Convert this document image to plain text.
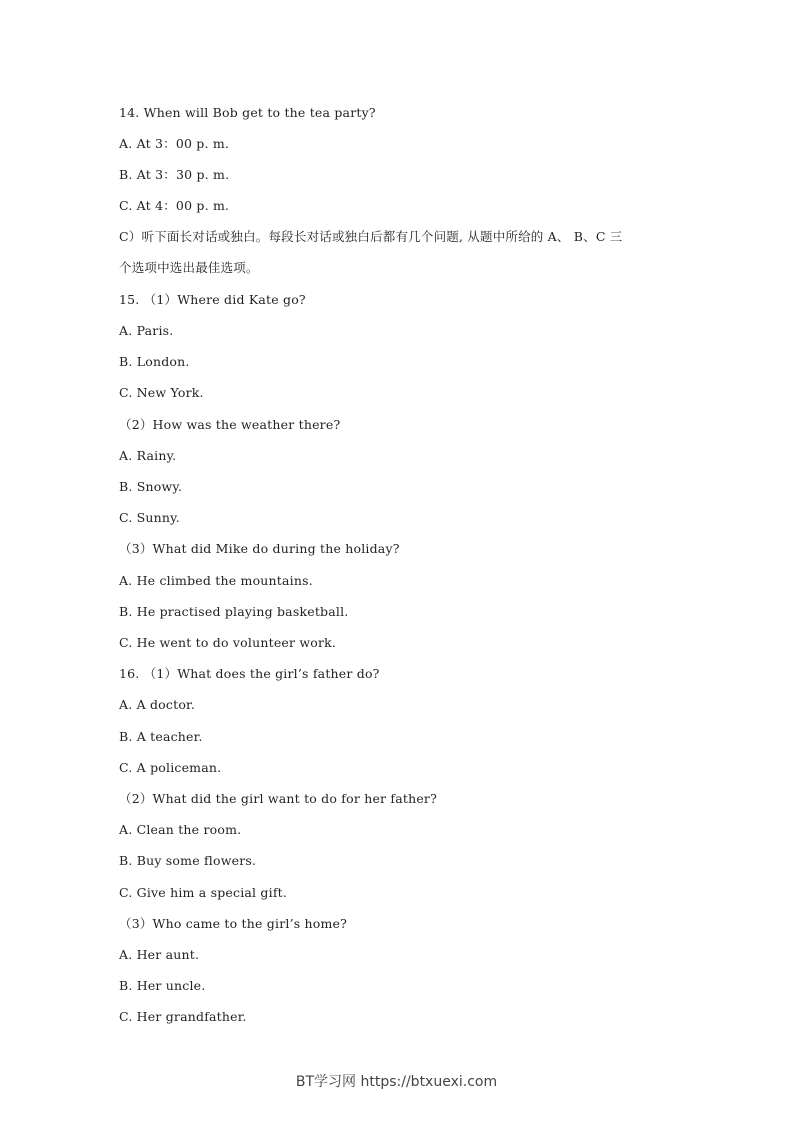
14. When will Bob get to the tea party?
A. At 3：00 p. m.
B. At 3：30 p. m.
C. At 4：00 p. m.
C）听下面长对话或独白。每段长对话或独白后都有几个问题, 从题中所给的 A、 B、C 三
个选项中选出最佳选项。
15. （1）Where did Kate go?
A. Paris.
B. London.
C. New York.
（2）How was the weather there?
A. Rainy.
B. Snowy.
C. Sunny.
（3）What did Mike do during the holiday?
A. He climbed the mountains.
B. He practised playing basketball.
C. He went to do volunteer work.
16. （1）What does the girl’s father do?
A. A doctor.
B. A teacher.
C. A policeman.
（2）What did the girl want to do for her father?
A. Clean the room.
B. Buy some flowers.
C. Give him a special gift.
（3）Who came to the girl’s home?
A. Her aunt.
B. Her uncle.
C. Her grandfather.
BT学习网 https://btxuexi.com
